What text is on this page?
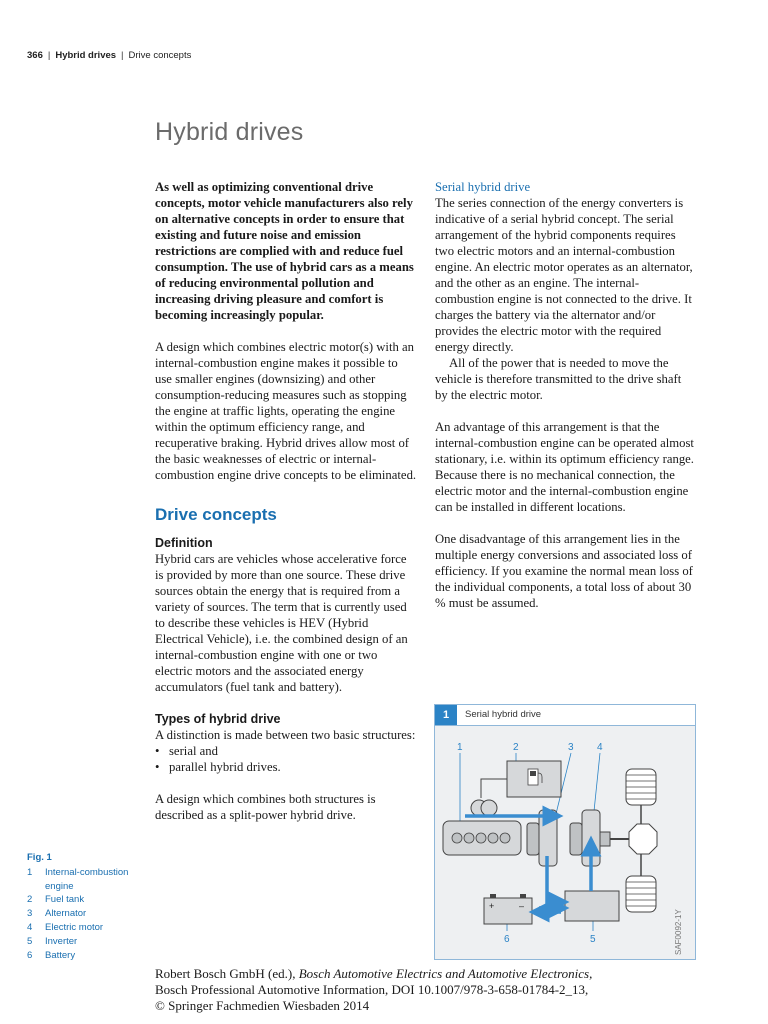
366 | Hybrid drives | Drive concepts
Hybrid drives

As well as optimizing conventional drive concepts, motor vehicle manufacturers also rely on alternative concepts in order to ensure that existing and future noise and emission restrictions are complied with and reduce fuel consumption. The use of hybrid cars as a means of reducing environmental pollution and increasing driving pleasure and comfort is becoming increasingly popular.

A design which combines electric motor(s) with an internal-combustion engine makes it possible to use smaller engines (downsizing) and other consumption-reducing measures such as stopping the engine at traffic lights, operating the engine within the optimum efficiency range, and recuperative braking. Hybrid drives allow most of the basic weaknesses of electric or internal-combustion engine drive concepts to be eliminated.

Drive concepts

Definition

Hybrid cars are vehicles whose accelerative force is provided by more than one source. These drive sources obtain the energy that is required from a variety of sources. The term that is currently used to describe these vehicles is HEV (Hybrid Electrical Vehicle), i.e. the combined design of an internal-combustion engine with one or two electric motors and the associated energy accumulators (fuel tank and battery).

Types of hybrid drive

A distinction is made between two basic structures:

• serial and
• parallel hybrid drives.

A design which combines both structures is described as a split-power hybrid drive.

Serial hybrid drive

The series connection of the energy converters is indicative of a serial hybrid concept. The serial arrangement of the hybrid components requires two electric motors and an internal-combustion engine. An electric motor operates as an alternator, and the other as an engine. The internal-combustion engine is not connected to the drive. It charges the battery via the alternator and/or provides the electric motor with the required energy directly.

All of the power that is needed to move the vehicle is therefore transmitted to the drive shaft by the electric motor.

An advantage of this arrangement is that the internal-combustion engine can be operated almost stationary, i.e. within its optimum efficiency range. Because there is no mechanical connection, the electric motor and the internal-combustion engine can be installed in different locations.

One disadvantage of this arrangement lies in the multiple energy conversions and associated loss of efficiency. If you examine the normal mean loss of the individual components, a total loss of about 30 % must be assumed.

Fig. 1
1	Internal-combustion engine
2	Fuel tank
3	Alternator
4	Electric motor
5	Inverter
6	Battery
1	Serial hybrid drive
1	2	3 4
6	5
+	–
SAF0092-1Y
Robert Bosch GmbH (ed.), Bosch Automotive Electrics and Automotive Electronics,
Bosch Professional Automotive Information, DOI 10.1007/978-3-658-01784-2_13,
© Springer Fachmedien Wiesbaden 2014
